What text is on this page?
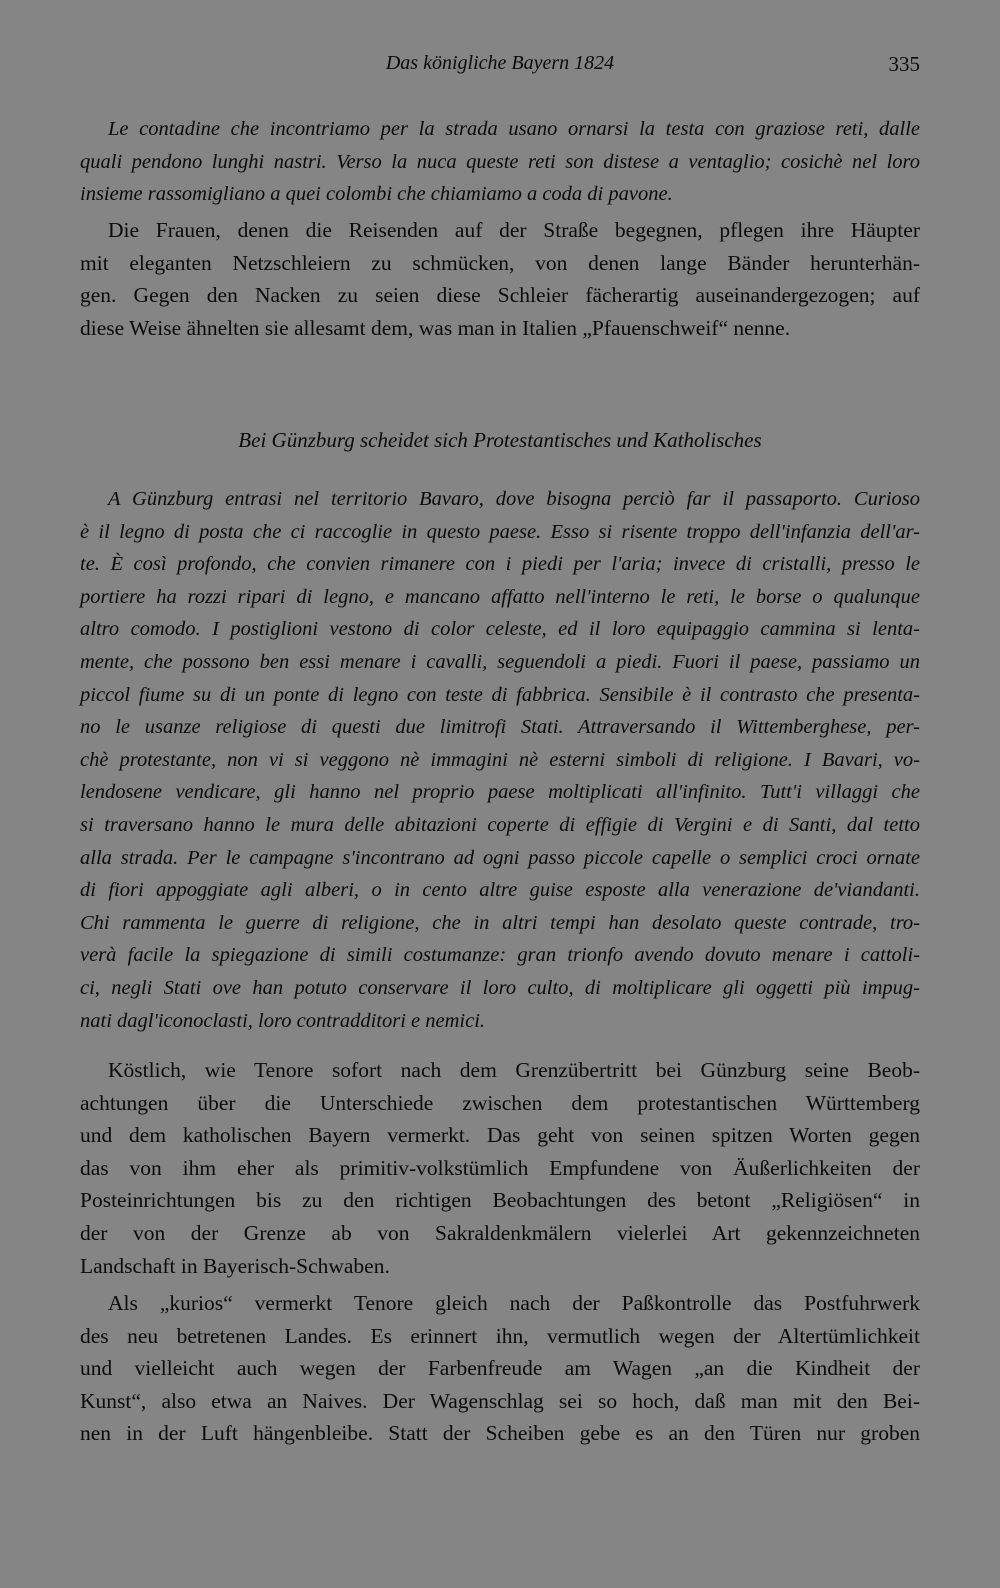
Das königliche Bayern 1824	335
Le contadine che incontriamo per la strada usano ornarsi la testa con graziose reti, dalle
quali pendono lunghi nastri. Verso la nuca queste reti son distese a ventaglio; cosichè nel loro
insieme rassomigliano a quei colombi che chiamiamo a coda di pavone.
Die Frauen, denen die Reisenden auf der Straße begegnen, pflegen ihre Häupter
mit eleganten Netzschleiern zu schmücken, von denen lange Bänder herunterhän-
gen. Gegen den Nacken zu seien diese Schleier fächerartig auseinandergezogen; auf
diese Weise ähnelten sie allesamt dem, was man in Italien „Pfauenschweif“ nenne.
Bei Günzburg scheidet sich Protestantisches und Katholisches
A Günzburg entrasi nel territorio Bavaro, dove bisogna perciò far il passaporto. Curioso
è il legno di posta che ci raccoglie in questo paese. Esso si risente troppo dell'infanzia dell'ar-
te. È così profondo, che convien rimanere con i piedi per l'aria; invece di cristalli, presso le
portiere ha rozzi ripari di legno, e mancano affatto nell'interno le reti, le borse o qualunque
altro comodo. I postiglioni vestono di color celeste, ed il loro equipaggio cammina si lenta-
mente, che possono ben essi menare i cavalli, seguendoli a piedi. Fuori il paese, passiamo un
piccol fiume su di un ponte di legno con teste di fabbrica. Sensibile è il contrasto che presenta-
no le usanze religiose di questi due limitrofi Stati. Attraversando il Wittemberghese, per-
chè protestante, non vi si veggono nè immagini nè esterni simboli di religione. I Bavari, vo-
lendosene vendicare, gli hanno nel proprio paese moltiplicati all'infinito. Tutt'i villaggi che
si traversano hanno le mura delle abitazioni coperte di effigie di Vergini e di Santi, dal tetto
alla strada. Per le campagne s'incontrano ad ogni passo piccole capelle o semplici croci ornate
di fiori appoggiate agli alberi, o in cento altre guise esposte alla venerazione de'viandanti.
Chi rammenta le guerre di religione, che in altri tempi han desolato queste contrade, tro-
verà facile la spiegazione di simili costumanze: gran trionfo avendo dovuto menare i cattoli-
ci, negli Stati ove han potuto conservare il loro culto, di moltiplicare gli oggetti più impug-
nati dagl'iconoclasti, loro contradditori e nemici.
Köstlich, wie Tenore sofort nach dem Grenzübertritt bei Günzburg seine Beob-
achtungen über die Unterschiede zwischen dem protestantischen Württemberg
und dem katholischen Bayern vermerkt. Das geht von seinen spitzen Worten gegen
das von ihm eher als primitiv-volkstümlich Empfundene von Äußerlichkeiten der
Posteinrichtungen bis zu den richtigen Beobachtungen des betont „Religiösen“ in
der von der Grenze ab von Sakraldenkmälern vielerlei Art gekennzeichneten
Landschaft in Bayerisch-Schwaben.
Als „kurios“ vermerkt Tenore gleich nach der Paßkontrolle das Postfuhrwerk
des neu betretenen Landes. Es erinnert ihn, vermutlich wegen der Altertümlichkeit
und vielleicht auch wegen der Farbenfreude am Wagen „an die Kindheit der
Kunst“, also etwa an Naives. Der Wagenschlag sei so hoch, daß man mit den Bei-
nen in der Luft hängenbleibe. Statt der Scheiben gebe es an den Türen nur groben
